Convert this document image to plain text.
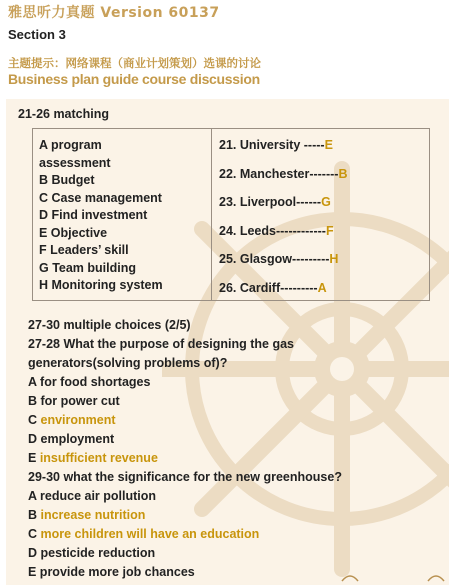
雅思听力真题 Version 60137
Section 3
主题提示：网络课程（商业计划策划）选课的讨论
Business plan guide course discussion
21-26 matching
A program
assessment
B Budget
C Case management
D Find investment
E Objective
F Leaders’ skill
G Team building
H Monitoring system
21. University -----E
22. Manchester-------B
23. Liverpool------G
24. Leeds------------F
25. Glasgow---------H
26. Cardiff---------A
27-30 multiple choices (2/5)
27-28 What the purpose of designing the gas
generators(solving problems of)?
A for food shortages
B for power cut
C environment
D employment
E insufficient revenue
29-30 what the significance for the new greenhouse?
A reduce air pollution
B increase nutrition
C more children will have an education
D pesticide reduction
E provide more job chances
